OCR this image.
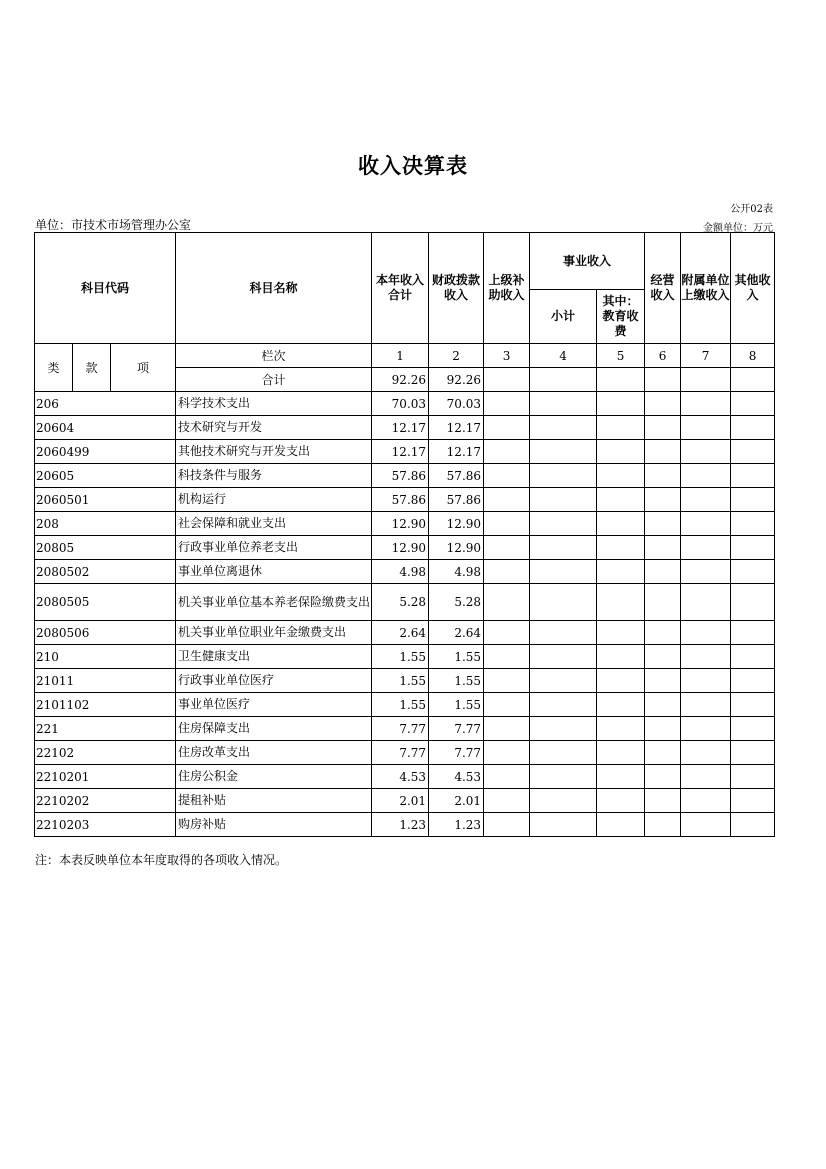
收入决算表
公开02表
单位：市技术市场管理办公室	金额单位：万元
科目代码			科目名称	本年收入合计	财政拨款收入	上级补助收入	事业收入		经营收入	附属单位上缴收入	其他收入
							小计	其中：教育收费			
类	款	项	栏次	1	2	3	4	5	6	7	8
			合计	92.26	92.26						
206			科学技术支出	70.03	70.03						
20604			技术研究与开发	12.17	12.17						
2060499			其他技术研究与开发支出	12.17	12.17						
20605			科技条件与服务	57.86	57.86						
2060501			机构运行	57.86	57.86						
208			社会保障和就业支出	12.90	12.90						
20805			行政事业单位养老支出	12.90	12.90						
2080502			事业单位离退休	4.98	4.98						
2080505			机关事业单位基本养老保险缴费支出	5.28	5.28						
2080506			机关事业单位职业年金缴费支出	2.64	2.64						
210			卫生健康支出	1.55	1.55						
21011			行政事业单位医疗	1.55	1.55						
2101102			事业单位医疗	1.55	1.55						
221			住房保障支出	7.77	7.77						
22102			住房改革支出	7.77	7.77						
2210201			住房公积金	4.53	4.53						
2210202			提租补贴	2.01	2.01						
2210203			购房补贴	1.23	1.23						
注：本表反映单位本年度取得的各项收入情况。
